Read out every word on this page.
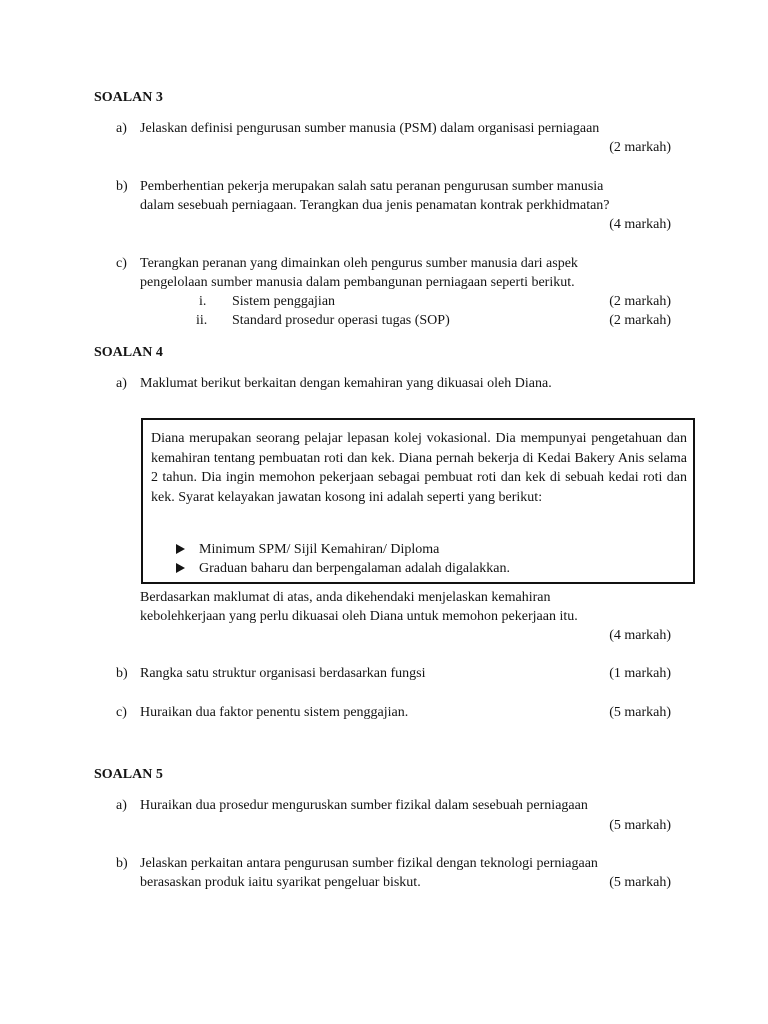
SOALAN 3
a) Jelaskan definisi pengurusan sumber manusia (PSM) dalam organisasi perniagaan
(2 markah)
b) Pemberhentian pekerja merupakan salah satu peranan pengurusan sumber manusia
dalam sesebuah perniagaan. Terangkan dua jenis penamatan kontrak perkhidmatan?
(4 markah)
c) Terangkan peranan yang dimainkan oleh pengurus sumber manusia dari aspek
pengelolaan sumber manusia dalam pembangunan perniagaan seperti berikut.
i. Sistem penggajian	(2 markah)
ii. Standard prosedur operasi tugas (SOP)	(2 markah)
SOALAN 4
a) Maklumat berikut berkaitan dengan kemahiran yang dikuasai oleh Diana.
Diana merupakan seorang pelajar lepasan kolej vokasional. Dia mempunyai pengetahuan dan kemahiran tentang pembuatan roti dan kek. Diana pernah bekerja di Kedai Bakery Anis selama 2 tahun. Dia ingin memohon pekerjaan sebagai pembuat roti dan kek di sebuah kedai roti dan kek. Syarat kelayakan jawatan kosong ini adalah seperti yang berikut:
Minimum SPM/ Sijil Kemahiran/ Diploma
Graduan baharu dan berpengalaman adalah digalakkan.
Berdasarkan maklumat di atas, anda dikehendaki menjelaskan kemahiran
kebolehkerjaan yang perlu dikuasai oleh Diana untuk memohon pekerjaan itu.
(4 markah)
b) Rangka satu struktur organisasi berdasarkan fungsi	(1 markah)
c) Huraikan dua faktor penentu sistem penggajian.	(5 markah)
SOALAN 5
a) Huraikan dua prosedur menguruskan sumber fizikal dalam sesebuah perniagaan
(5 markah)
b) Jelaskan perkaitan antara pengurusan sumber fizikal dengan teknologi perniagaan
berasaskan produk iaitu syarikat pengeluar biskut.	(5 markah)
